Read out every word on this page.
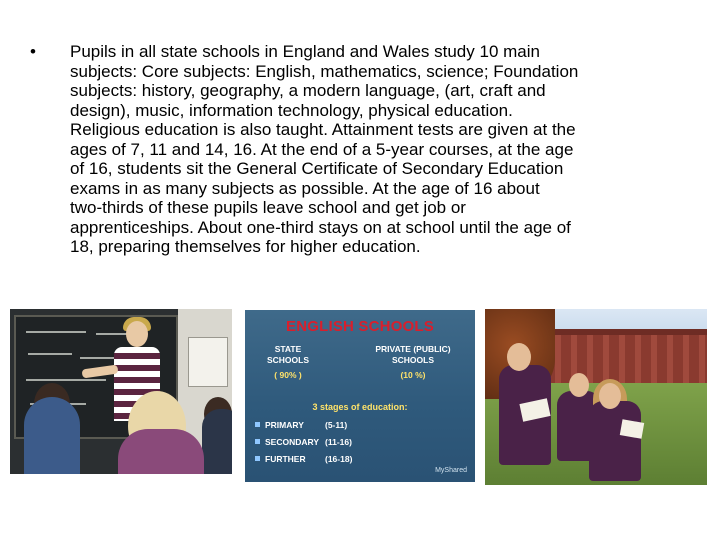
•	Pupils in all state schools in England and Wales study 10 main
subjects: Core subjects: English, mathematics, science; Foundation
subjects: history, geography, a modern language, (art, craft and
design), music, information technology, physical education.
Religious education is also taught. Attainment tests are given at the
ages of 7, 11 and 14, 16. At the end of a 5-year courses, at the age
of 16, students sit the General Certificate of Secondary Education
exams in as many subjects as possible. At the age of 16 about
two-thirds of these pupils leave school and get job or
apprenticeships. About one-third stays on at school until the age of
18, preparing themselves for higher education.

ENGLISH SCHOOLS
STATE
SCHOOLS
( 90% )
PRIVATE (PUBLIC)
SCHOOLS
(10 %)
3 stages of education:
PRIMARY	(5-11)
SECONDARY (11-16)
FURTHER	(16-18)
MyShared
